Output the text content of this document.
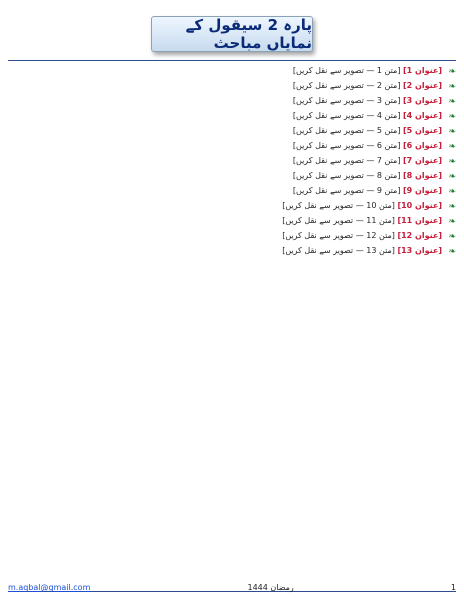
پارہ 2 سیقول کے نمایاں مباحث
❧
[عنوان 1] [متن 1 — تصویر سے نقل کریں]
❧
[عنوان 2] [متن 2 — تصویر سے نقل کریں]
❧
[عنوان 3] [متن 3 — تصویر سے نقل کریں]
❧
[عنوان 4] [متن 4 — تصویر سے نقل کریں]
❧
[عنوان 5] [متن 5 — تصویر سے نقل کریں]
❧
[عنوان 6] [متن 6 — تصویر سے نقل کریں]
❧
[عنوان 7] [متن 7 — تصویر سے نقل کریں]
❧
[عنوان 8] [متن 8 — تصویر سے نقل کریں]
❧
[عنوان 9] [متن 9 — تصویر سے نقل کریں]
❧
[عنوان 10] [متن 10 — تصویر سے نقل کریں]
❧
[عنوان 11] [متن 11 — تصویر سے نقل کریں]
❧
[عنوان 12] [متن 12 — تصویر سے نقل کریں]
❧
[عنوان 13] [متن 13 — تصویر سے نقل کریں]
m.aqbal@gmail.com	رمضان 1444	1
